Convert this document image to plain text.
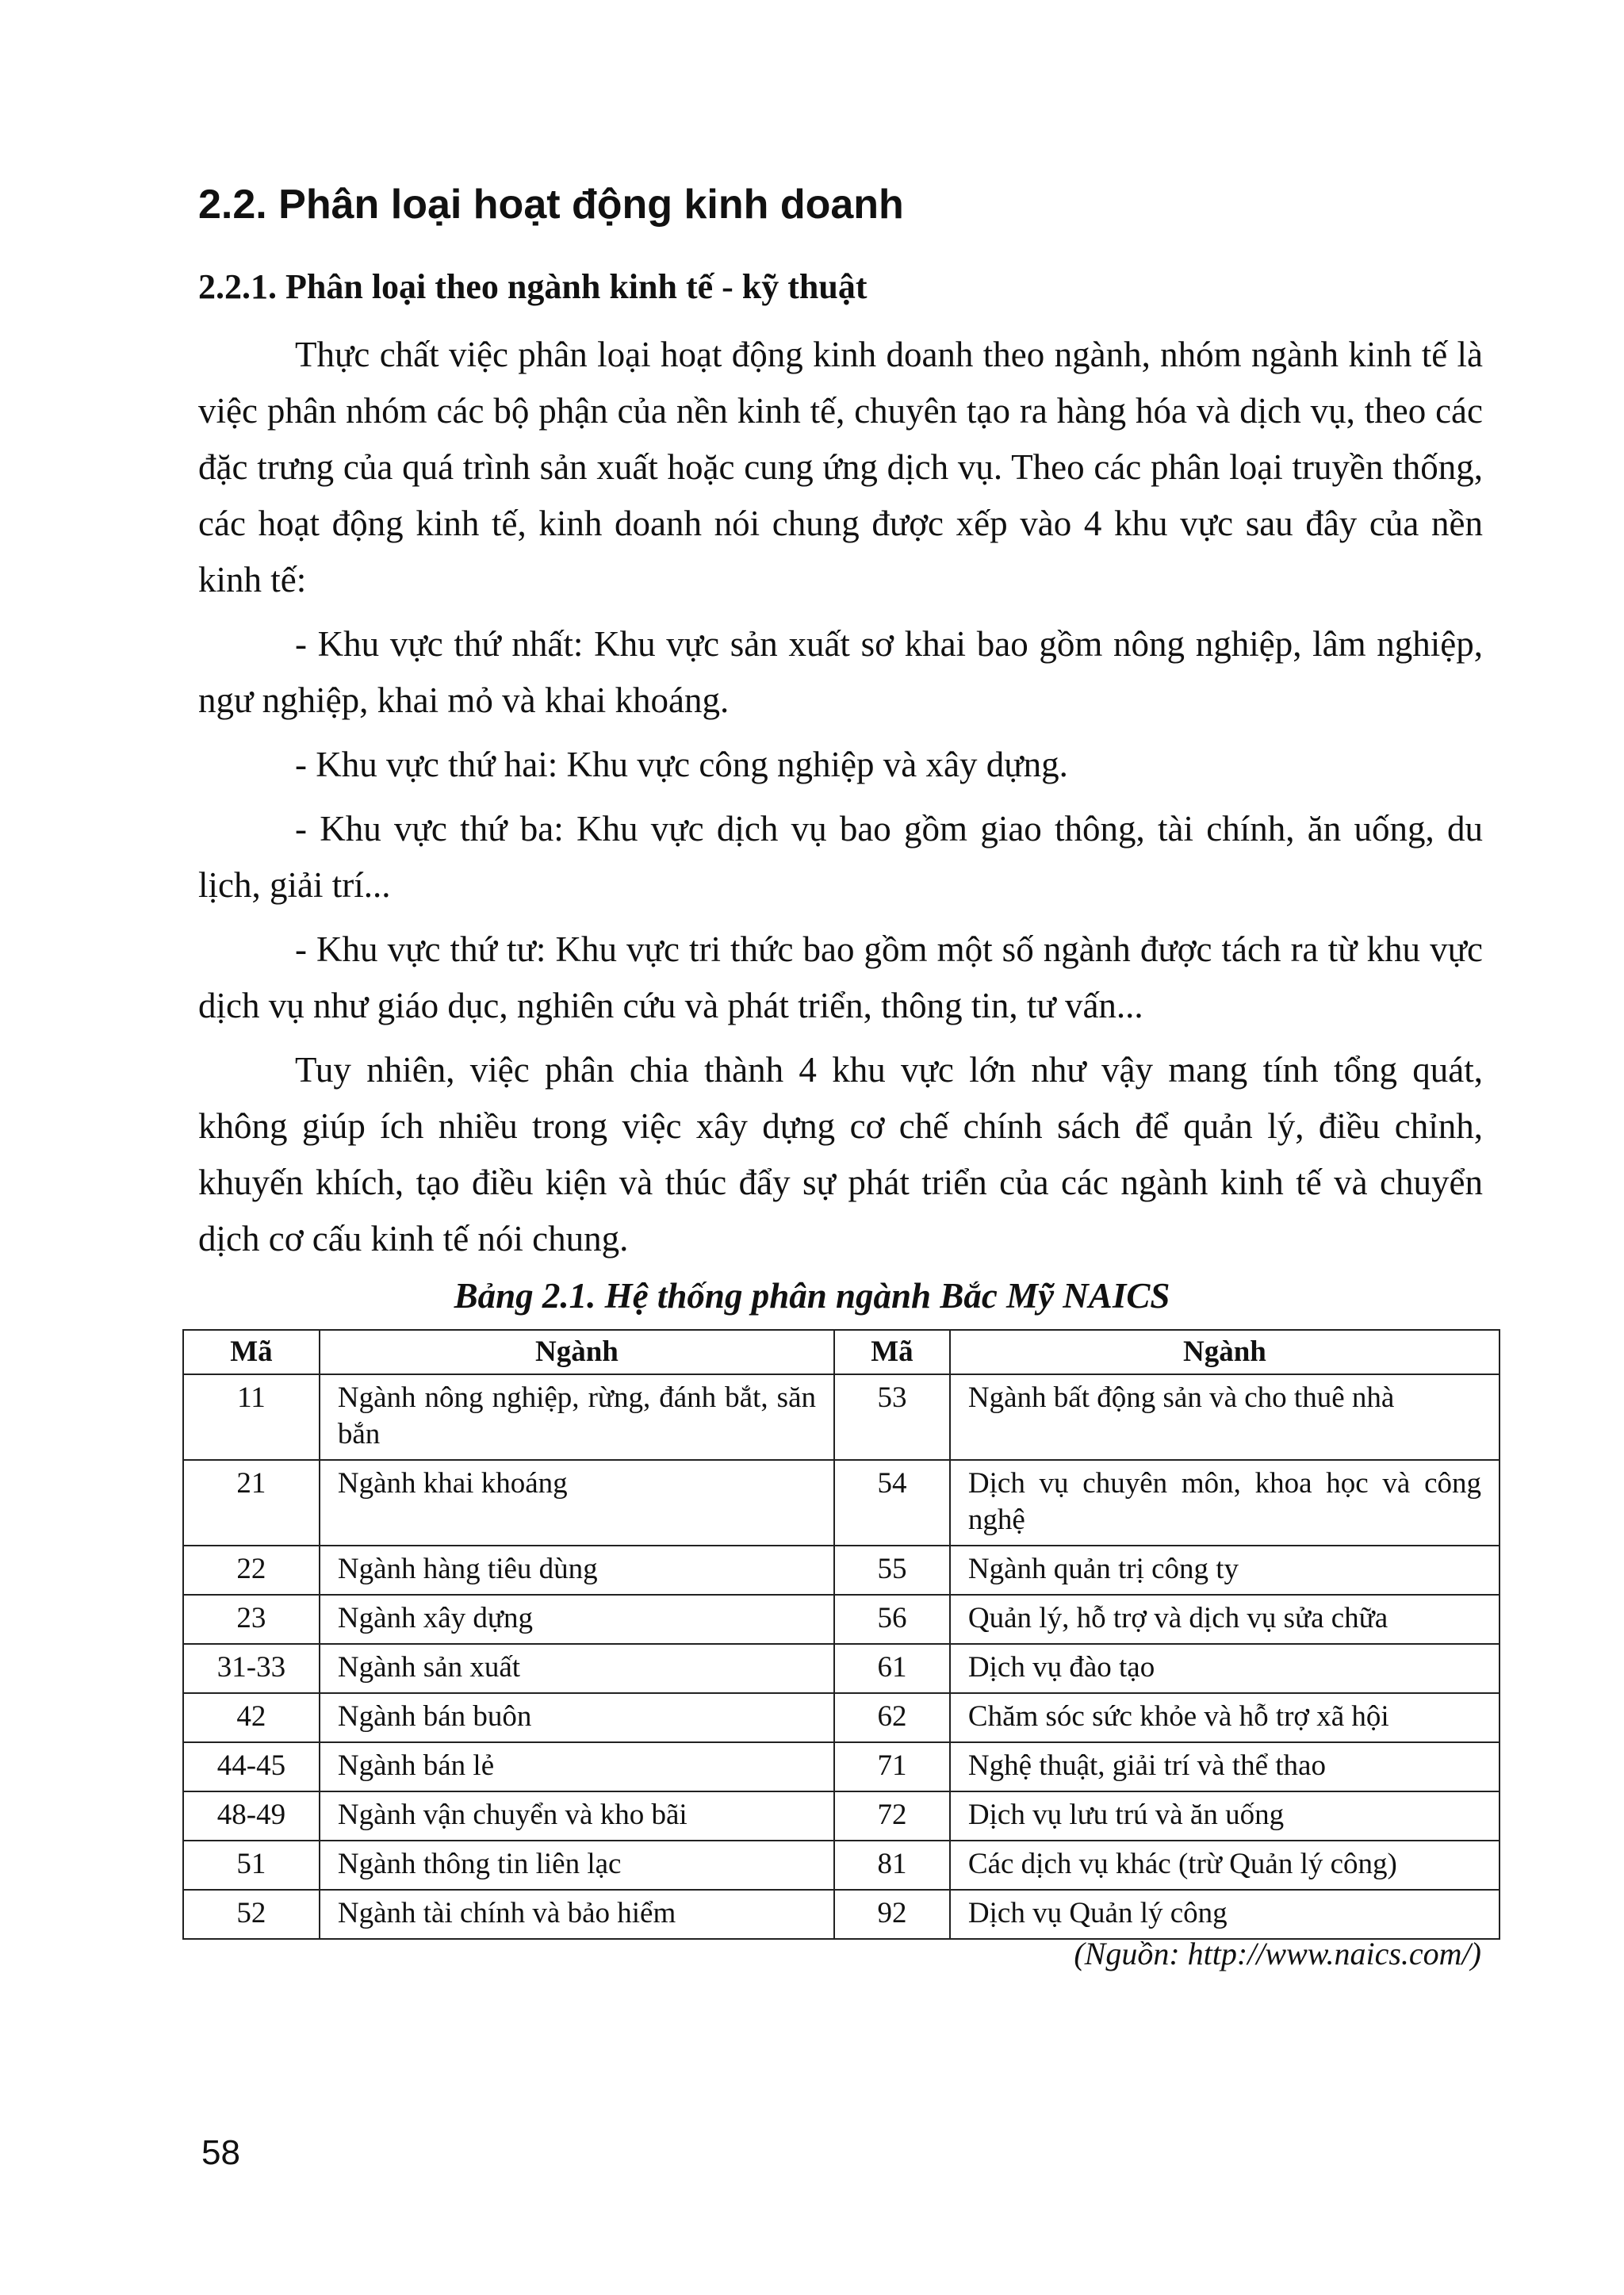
2.2. Phân loại hoạt động kinh doanh
2.2.1. Phân loại theo ngành kinh tế - kỹ thuật

Thực chất việc phân loại hoạt động kinh doanh theo ngành, nhóm ngành kinh tế là việc phân nhóm các bộ phận của nền kinh tế, chuyên tạo ra hàng hóa và dịch vụ, theo các đặc trưng của quá trình sản xuất hoặc cung ứng dịch vụ. Theo các phân loại truyền thống, các hoạt động kinh tế, kinh doanh nói chung được xếp vào 4 khu vực sau đây của nền kinh tế:

- Khu vực thứ nhất: Khu vực sản xuất sơ khai bao gồm nông nghiệp, lâm nghiệp, ngư nghiệp, khai mỏ và khai khoáng.

- Khu vực thứ hai: Khu vực công nghiệp và xây dựng.

- Khu vực thứ ba: Khu vực dịch vụ bao gồm giao thông, tài chính, ăn uống, du lịch, giải trí...

- Khu vực thứ tư: Khu vực tri thức bao gồm một số ngành được tách ra từ khu vực dịch vụ như giáo dục, nghiên cứu và phát triển, thông tin, tư vấn...

Tuy nhiên, việc phân chia thành 4 khu vực lớn như vậy mang tính tổng quát, không giúp ích nhiều trong việc xây dựng cơ chế chính sách để quản lý, điều chỉnh, khuyến khích, tạo điều kiện và thúc đẩy sự phát triển của các ngành kinh tế và chuyển dịch cơ cấu kinh tế nói chung.

Bảng 2.1. Hệ thống phân ngành Bắc Mỹ NAICS
Mã	Ngành	Mã	Ngành
11	Ngành nông nghiệp, rừng, đánh bắt, săn bắn	53	Ngành bất động sản và cho thuê nhà
21	Ngành khai khoáng	54	Dịch vụ chuyên môn, khoa học và công nghệ
22	Ngành hàng tiêu dùng	55	Ngành quản trị công ty
23	Ngành xây dựng	56	Quản lý, hỗ trợ và dịch vụ sửa chữa
31-33	Ngành sản xuất	61	Dịch vụ đào tạo
42	Ngành bán buôn	62	Chăm sóc sức khỏe và hỗ trợ xã hội
44-45	Ngành bán lẻ	71	Nghệ thuật, giải trí và thể thao
48-49	Ngành vận chuyển và kho bãi	72	Dịch vụ lưu trú và ăn uống
51	Ngành thông tin liên lạc	81	Các dịch vụ khác (trừ Quản lý công)
52	Ngành tài chính và bảo hiểm	92	Dịch vụ Quản lý công
(Nguồn: http://www.naics.com/)
58
